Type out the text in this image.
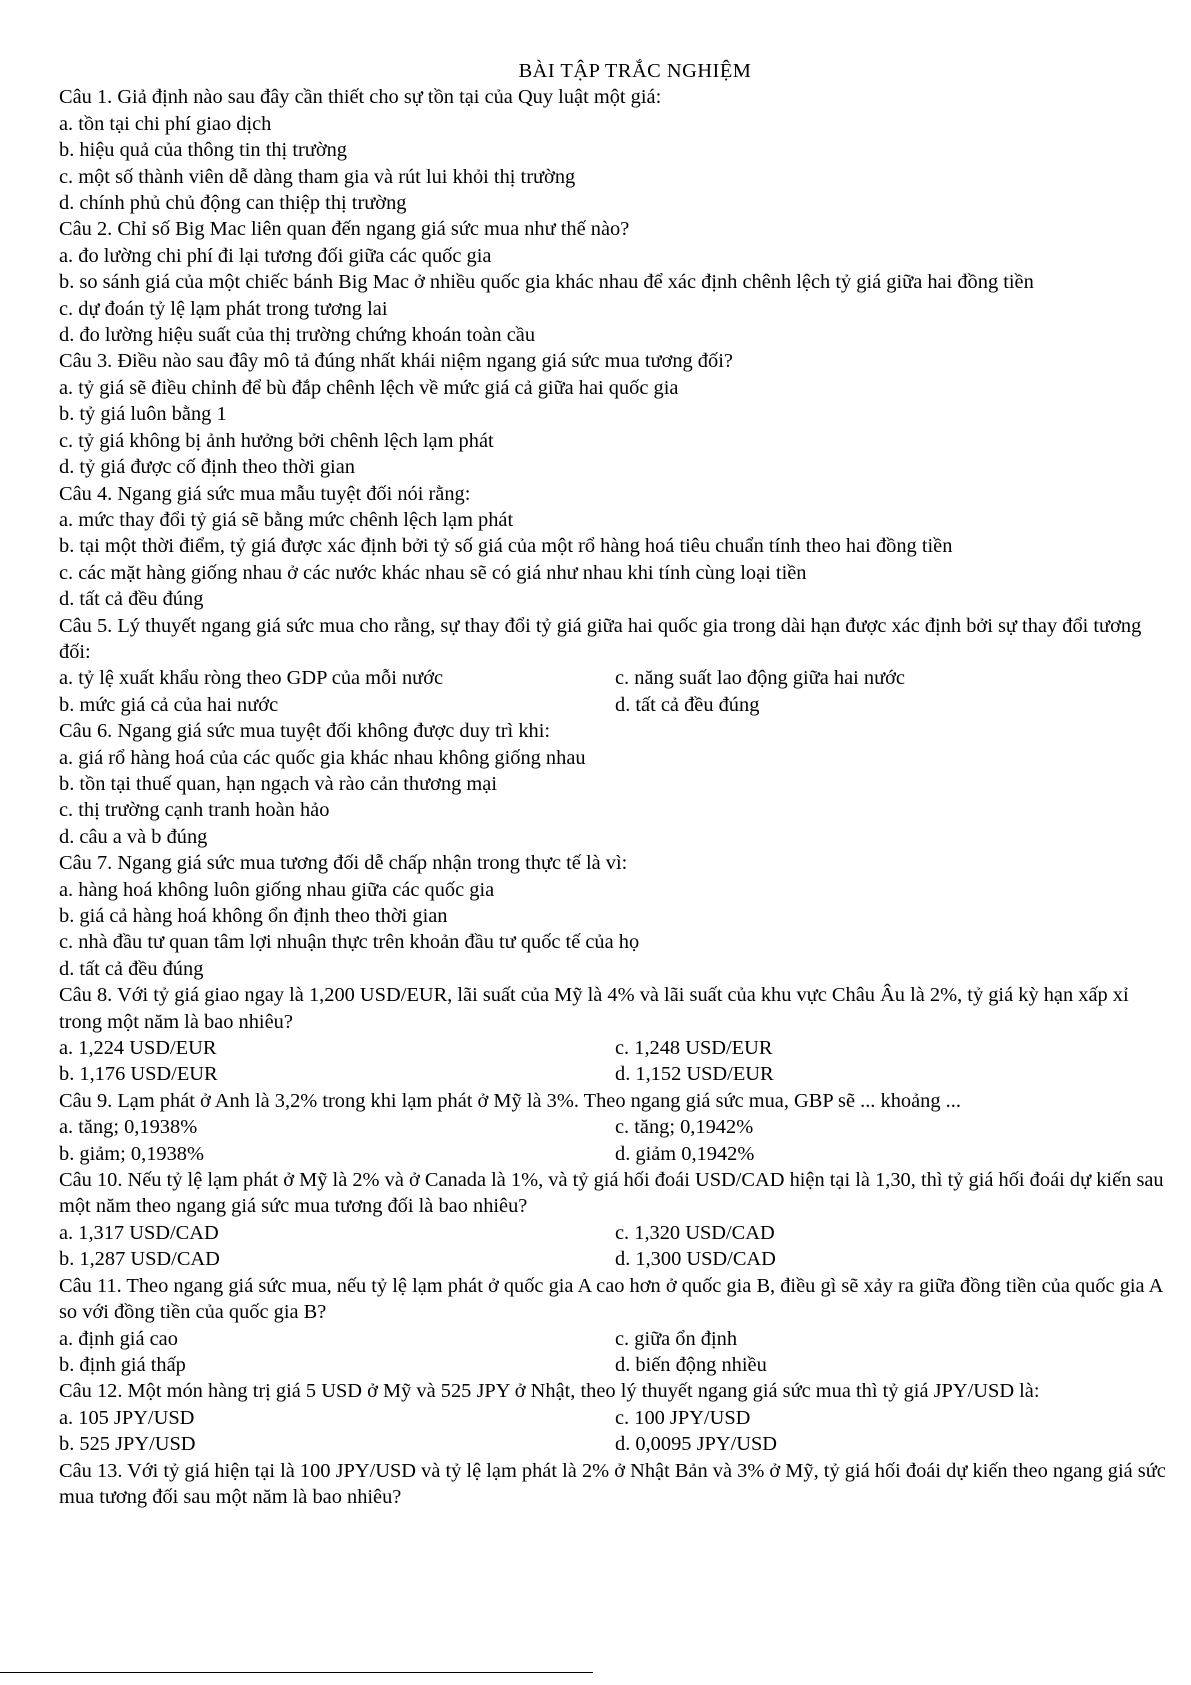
BÀI TẬP TRẮC NGHIỆM

Câu 1. Giả định nào sau đây cần thiết cho sự tồn tại của Quy luật một giá:

a. tồn tại chi phí giao dịch

b. hiệu quả của thông tin thị trường

c. một số thành viên dễ dàng tham gia và rút lui khỏi thị trường

d. chính phủ chủ động can thiệp thị trường

Câu 2. Chỉ số Big Mac liên quan đến ngang giá sức mua như thế nào?

a. đo lường chi phí đi lại tương đối giữa các quốc gia

b. so sánh giá của một chiếc bánh Big Mac ở nhiều quốc gia khác nhau để xác định chênh lệch tỷ giá giữa hai đồng tiền

c. dự đoán tỷ lệ lạm phát trong tương lai

d. đo lường hiệu suất của thị trường chứng khoán toàn cầu

Câu 3. Điều nào sau đây mô tả đúng nhất khái niệm ngang giá sức mua tương đối?

a. tỷ giá sẽ điều chỉnh để bù đắp chênh lệch về mức giá cả giữa hai quốc gia

b. tỷ giá luôn bằng 1

c. tỷ giá không bị ảnh hưởng bởi chênh lệch lạm phát

d. tỷ giá được cố định theo thời gian

Câu 4. Ngang giá sức mua mẫu tuyệt đối nói rằng:

a. mức thay đổi tỷ giá sẽ bằng mức chênh lệch lạm phát

b. tại một thời điểm, tỷ giá được xác định bởi tỷ số giá của một rổ hàng hoá tiêu chuẩn tính theo hai đồng tiền

c. các mặt hàng giống nhau ở các nước khác nhau sẽ có giá như nhau khi tính cùng loại tiền

d. tất cả đều đúng

Câu 5. Lý thuyết ngang giá sức mua cho rằng, sự thay đổi tỷ giá giữa hai quốc gia trong dài hạn được xác định bởi sự thay đổi tương đối:

a. tỷ lệ xuất khẩu ròng theo GDP của mỗi nước	c. năng suất lao động giữa hai nước
b. mức giá cả của hai nước	d. tất cả đều đúng

Câu 6. Ngang giá sức mua tuyệt đối không được duy trì khi:

a. giá rổ hàng hoá của các quốc gia khác nhau không giống nhau

b. tồn tại thuế quan, hạn ngạch và rào cản thương mại

c. thị trường cạnh tranh hoàn hảo

d. câu a và b đúng

Câu 7. Ngang giá sức mua tương đối dễ chấp nhận trong thực tế là vì:

a. hàng hoá không luôn giống nhau giữa các quốc gia

b. giá cả hàng hoá không ổn định theo thời gian

c. nhà đầu tư quan tâm lợi nhuận thực trên khoản đầu tư quốc tế của họ

d. tất cả đều đúng

Câu 8. Với tỷ giá giao ngay là 1,200 USD/EUR, lãi suất của Mỹ là 4% và lãi suất của khu vực Châu Âu là 2%, tỷ giá kỳ hạn xấp xỉ trong một năm là bao nhiêu?

a. 1,224 USD/EUR	c. 1,248 USD/EUR
b. 1,176 USD/EUR	d. 1,152 USD/EUR

Câu 9. Lạm phát ở Anh là 3,2% trong khi lạm phát ở Mỹ là 3%. Theo ngang giá sức mua, GBP sẽ ... khoảng ...

a. tăng; 0,1938%	c. tăng; 0,1942%
b. giảm; 0,1938%	d. giảm 0,1942%

Câu 10. Nếu tỷ lệ lạm phát ở Mỹ là 2% và ở Canada là 1%, và tỷ giá hối đoái USD/CAD hiện tại là 1,30, thì tỷ giá hối đoái dự kiến sau một năm theo ngang giá sức mua tương đối là bao nhiêu?

a. 1,317 USD/CAD	c. 1,320 USD/CAD
b. 1,287 USD/CAD	d. 1,300 USD/CAD

Câu 11. Theo ngang giá sức mua, nếu tỷ lệ lạm phát ở quốc gia A cao hơn ở quốc gia B, điều gì sẽ xảy ra giữa đồng tiền của quốc gia A so với đồng tiền của quốc gia B?

a. định giá cao	c. giữa ổn định
b. định giá thấp	d. biến động nhiều

Câu 12. Một món hàng trị giá 5 USD ở Mỹ và 525 JPY ở Nhật, theo lý thuyết ngang giá sức mua thì tỷ giá JPY/USD là:

a. 105 JPY/USD	c. 100 JPY/USD
b. 525 JPY/USD	d. 0,0095 JPY/USD

Câu 13. Với tỷ giá hiện tại là 100 JPY/USD và tỷ lệ lạm phát là 2% ở Nhật Bản và 3% ở Mỹ, tỷ giá hối đoái dự kiến theo ngang giá sức mua tương đối sau một năm là bao nhiêu?
